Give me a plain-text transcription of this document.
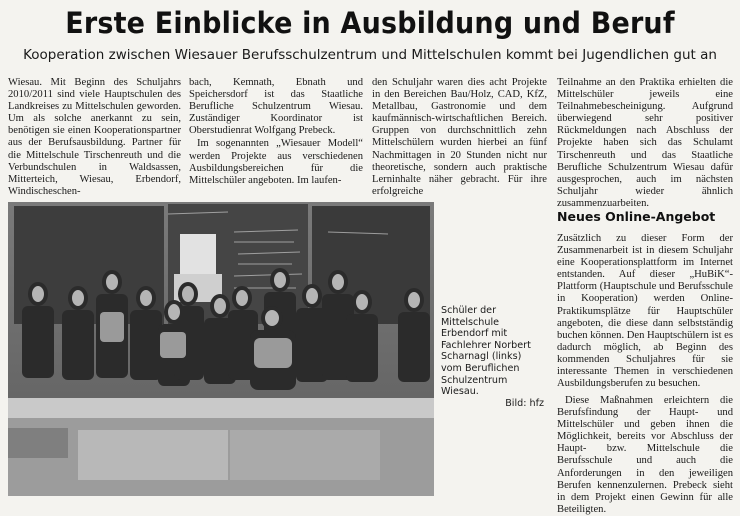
Erste Einblicke in Ausbildung und Beruf
Kooperation zwischen Wiesauer Berufsschulzentrum und Mittelschulen kommt bei Jugendlichen gut an

Wiesau. Mit Beginn des Schuljahrs 2010/2011 sind viele Hauptschulen des Landkreises zu Mittelschulen geworden. Um als solche anerkannt zu sein, benötigen sie einen Kooperationspartner aus der Berufsausbildung. Partner für die Mittelschule Tirschenreuth und die Verbundschulen in Waldsassen, Mitterteich, Wiesau, Erbendorf, Windischeschen-

bach, Kemnath, Ebnath und Speichersdorf ist das Staatliche Berufliche Schulzentrum Wiesau. Zuständiger Koordinator ist Oberstudienrat Wolfgang Prebeck.

Im sogenannten „Wiesauer Modell“ werden Projekte aus verschiedenen Ausbildungsbereichen für die Mittelschüler angeboten. Im laufen-

den Schuljahr waren dies acht Projekte in den Bereichen Bau/Holz, CAD, KfZ, Metallbau, Gastronomie und dem kaufmännisch-wirtschaftlichen Bereich. Gruppen von durchschnittlich zehn Mittelschülern wurden hierbei an fünf Nachmittagen in 20 Stunden nicht nur theoretische, sondern auch praktische Lerninhalte näher gebracht. Für ihre erfolgreiche

Teilnahme an den Praktika erhielten die Mittelschüler jeweils eine Teilnahmebescheinigung. Aufgrund überwiegend sehr positiver Rückmeldungen nach Abschluss der Projekte haben sich das Schulamt Tirschenreuth und das Staatliche Berufliche Schulzentrum Wiesau dafür ausgesprochen, auch im nächsten Schuljahr wieder ähnlich zusammenzuarbeiten.

Neues Online-Angebot

Zusätzlich zu dieser Form der Zusammenarbeit ist in diesem Schuljahr eine Kooperationsplattform im Internet entstanden. Auf dieser „HuBiK“-Plattform (Hauptschule und Berufsschule in Kooperation) werden Online-Praktikumsplätze für Hauptschüler angeboten, die diese dann selbstständig buchen können. Den Hauptschülern ist es dadurch möglich, ab Beginn des kommenden Schuljahres für sie interessante Themen in verschiedenen Ausbildungsberufen zu besuchen.

Diese Maßnahmen erleichtern die Berufsfindung der Haupt- und Mittelschüler und geben ihnen die Möglichkeit, bereits vor Abschluss der Haupt- bzw. Mittelschule die Berufsschule und auch die Anforderungen in den jeweiligen Berufen kennenzulernen. Prebeck sieht in dem Projekt einen Gewinn für alle Beteiligten.

Schüler der Mittelschule Erbendorf mit Fachlehrer Norbert Scharnagl (links) vom Beruflichen Schulzentrum Wiesau.
Bild: hfz
